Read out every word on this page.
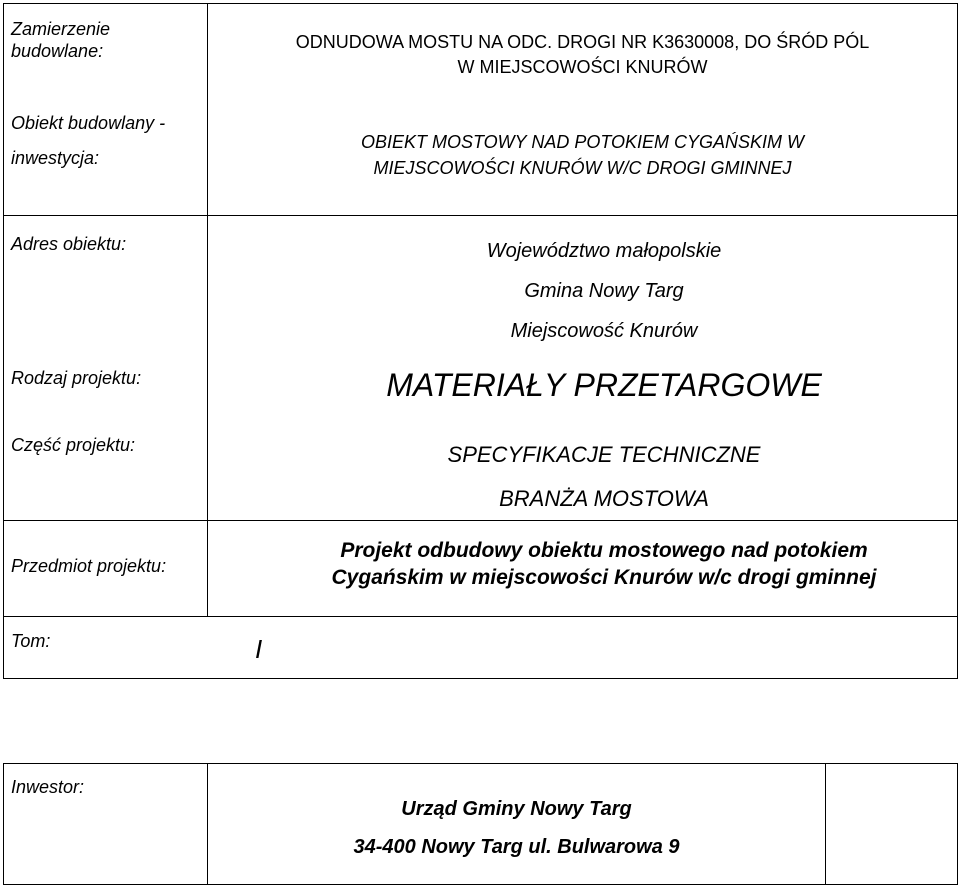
Zamierzenie
budowlane:	ODNUDOWA MOSTU NA ODC. DROGI NR K3630008, DO ŚRÓD PÓL
W MIEJSCOWOŚCI KNURÓW
Obiekt budowlany -
inwestycja:
OBIEKT MOSTOWY NAD POTOKIEM CYGAŃSKIM W
MIEJSCOWOŚCI KNURÓW W/C DROGI GMINNEJ
Adres obiektu:	Województwo małopolskie
Gmina Nowy Targ
Miejscowość Knurów
Rodzaj projektu:	MATERIAŁY PRZETARGOWE
Część projektu:	SPECYFIKACJE TECHNICZNE
BRANŻA MOSTOWA
Przedmiot projektu:
Projekt odbudowy obiektu mostowego nad potokiem
Cygańskim w miejscowości Knurów w/c drogi gminnej
Tom:	I
Inwestor:
Urząd Gminy Nowy Targ
34-400 Nowy Targ ul. Bulwarowa 9
